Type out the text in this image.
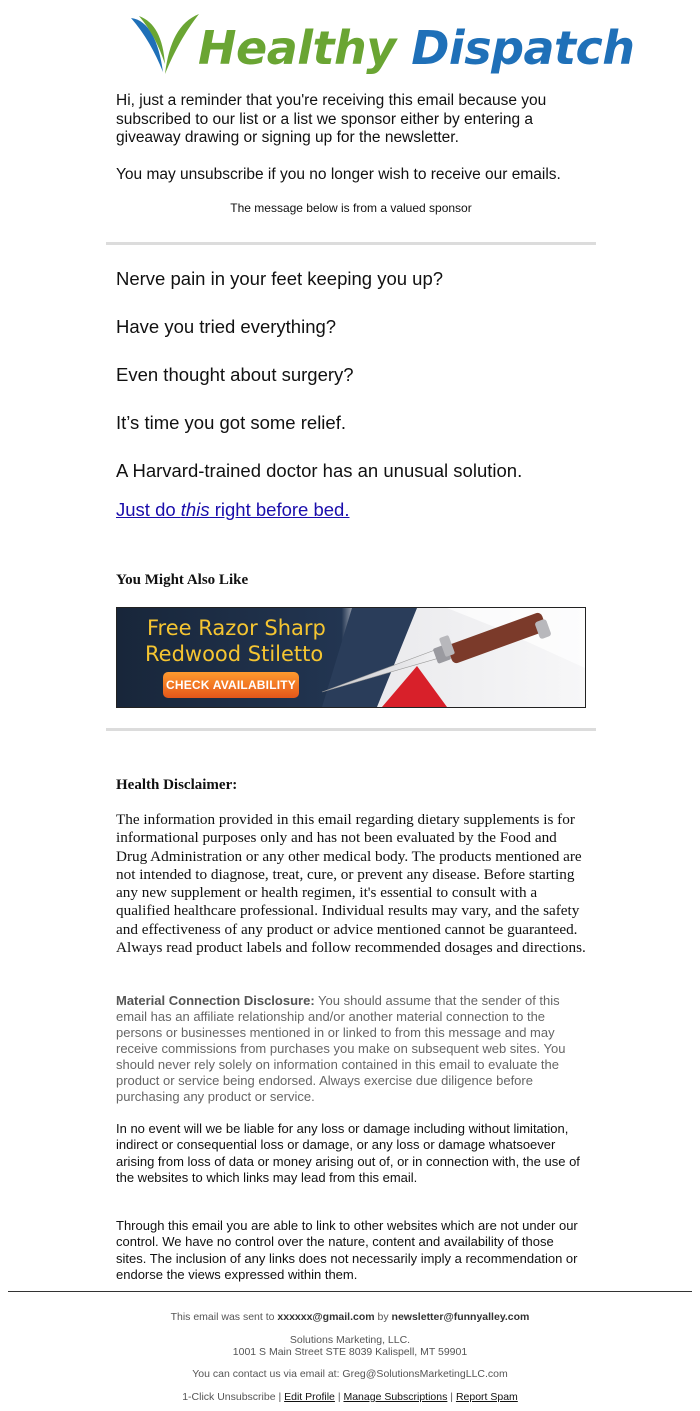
Healthy Dispatch

Hi, just a reminder that you're receiving this email because you subscribed to our list or a list we sponsor either by entering a giveaway drawing or signing up for the newsletter.

You may unsubscribe if you no longer wish to receive our emails.

The message below is from a valued sponsor
Nerve pain in your feet keeping you up?
Have you tried everything?
Even thought about surgery?
It’s time you got some relief.
A Harvard-trained doctor has an unusual solution.
Just do this right before bed.
You Might Also Like
Free Razor Sharp
Redwood Stiletto
CHECK AVAILABILITY
Health Disclaimer:
The information provided in this email regarding dietary supplements is for informational purposes only and has not been evaluated by the Food and Drug Administration or any other medical body. The products mentioned are not intended to diagnose, treat, cure, or prevent any disease. Before starting any new supplement or health regimen, it's essential to consult with a qualified healthcare professional. Individual results may vary, and the safety and effectiveness of any product or advice mentioned cannot be guaranteed. Always read product labels and follow recommended dosages and directions.
Material Connection Disclosure: You should assume that the sender of this email has an affiliate relationship and/or another material connection to the persons or businesses mentioned in or linked to from this message and may receive commissions from purchases you make on subsequent web sites. You should never rely solely on information contained in this email to evaluate the product or service being endorsed. Always exercise due diligence before purchasing any product or service.
In no event will we be liable for any loss or damage including without limitation, indirect or consequential loss or damage, or any loss or damage whatsoever arising from loss of data or money arising out of, or in connection with, the use of the websites to which links may lead from this email.
Through this email you are able to link to other websites which are not under our control. We have no control over the nature, content and availability of those sites. The inclusion of any links does not necessarily imply a recommendation or endorse the views expressed within them.
This email was sent to xxxxxx@gmail.com by newsletter@funnyalley.com
Solutions Marketing, LLC.
1001 S Main Street STE 8039 Kalispell, MT 59901
You can contact us via email at: Greg@SolutionsMarketingLLC.com
1-Click Unsubscribe | Edit Profile | Manage Subscriptions | Report Spam
